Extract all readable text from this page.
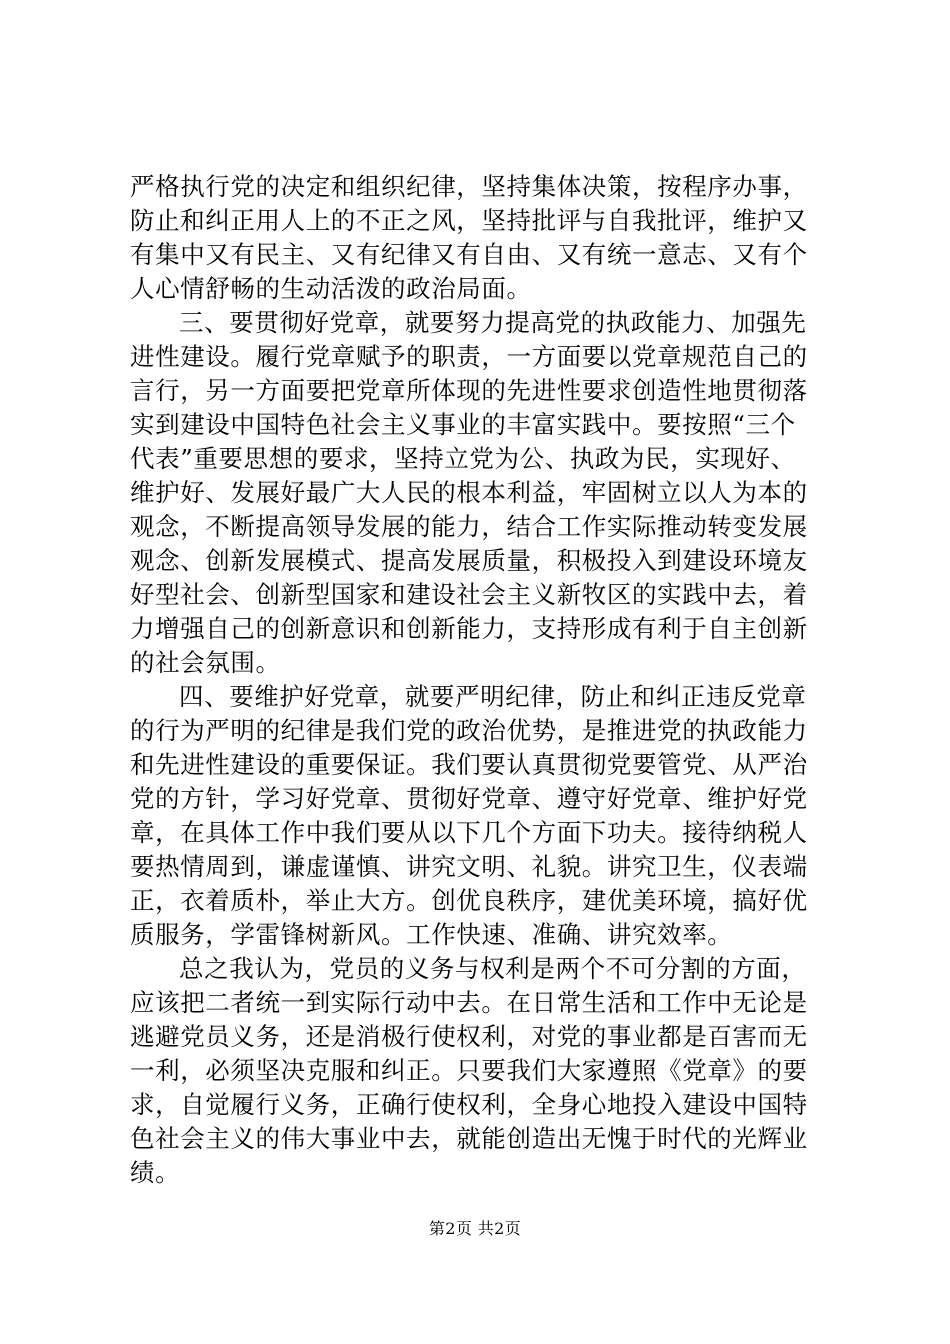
严格执行党的决定和组织纪律，坚持集体决策，按程序办事，
防止和纠正用人上的不正之风，坚持批评与自我批评，维护又
有集中又有民主、又有纪律又有自由、又有统一意志、又有个
人心情舒畅的生动活泼的政治局面。
三、要贯彻好党章，就要努力提高党的执政能力、加强先
进性建设。履行党章赋予的职责，一方面要以党章规范自己的
言行，另一方面要把党章所体现的先进性要求创造性地贯彻落
实到建设中国特色社会主义事业的丰富实践中。要按照“三个
代表”重要思想的要求，坚持立党为公、执政为民，实现好、
维护好、发展好最广大人民的根本利益，牢固树立以人为本的
观念，不断提高领导发展的能力，结合工作实际推动转变发展
观念、创新发展模式、提高发展质量，积极投入到建设环境友
好型社会、创新型国家和建设社会主义新牧区的实践中去，着
力增强自己的创新意识和创新能力，支持形成有利于自主创新
的社会氛围。
四、要维护好党章，就要严明纪律，防止和纠正违反党章
的行为严明的纪律是我们党的政治优势，是推进党的执政能力
和先进性建设的重要保证。我们要认真贯彻党要管党、从严治
党的方针，学习好党章、贯彻好党章、遵守好党章、维护好党
章，在具体工作中我们要从以下几个方面下功夫。接待纳税人
要热情周到，谦虚谨慎、讲究文明、礼貌。讲究卫生，仪表端
正，衣着质朴，举止大方。创优良秩序，建优美环境，搞好优
质服务，学雷锋树新风。工作快速、准确、讲究效率。
总之我认为，党员的义务与权利是两个不可分割的方面，
应该把二者统一到实际行动中去。在日常生活和工作中无论是
逃避党员义务，还是消极行使权利，对党的事业都是百害而无
一利，必须坚决克服和纠正。只要我们大家遵照《党章》的要
求，自觉履行义务，正确行使权利，全身心地投入建设中国特
色社会主义的伟大事业中去，就能创造出无愧于时代的光辉业
绩。
第2页 共2页
